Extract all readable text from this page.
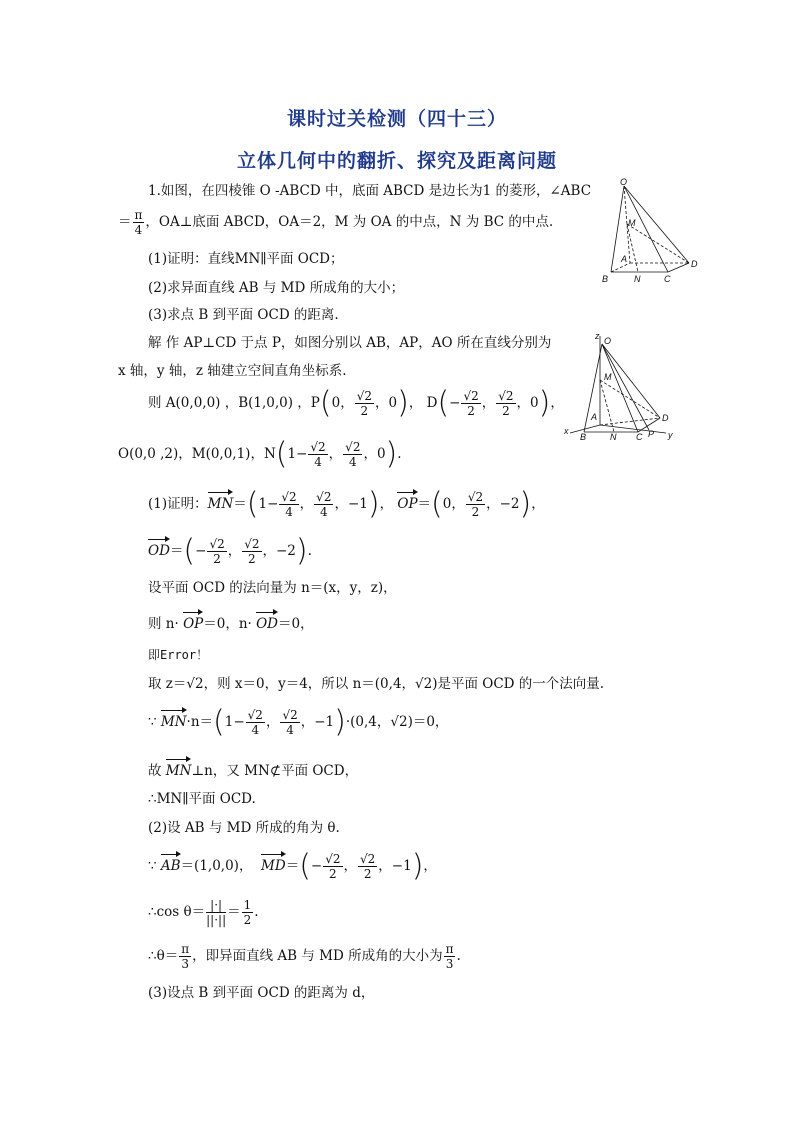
课时过关检测（四十三）
立体几何中的翻折、探究及距离问题
1.如图，在四棱锥 O -ABCD 中，底面 ABCD 是边长为1 的菱形，∠ABC
＝ $\frac{\pi}{4}$ ，OA⊥底面 ABCD，OA＝2，M 为 OA 的中点，N 为 BC 的中点.
(1)证明：直线MN∥平面 OCD；
(2)求异面直线 AB 与 MD 所成角的大小；
(3)求点 B 到平面 OCD 的距离.
O
M
A	D
B	N	C
解 作 AP⊥CD 于点 P，如图分别以 AB，AP，AO 所在直线分别为
x 轴，y 轴，z 轴建立空间直角坐标系.
则 A(0,0,0) ，B(1,0,0) ，P(0， $\frac{√2}{2}$ ，0)， $D(- \frac{√2}{2}$ ， $\frac{√2}{2}$ ，0)，
O(0,0 ,2)，M(0,0,1)，$N(1- \frac{√2}{4}$ ， $\frac{√2}{4}$ ，0).
z O
M
A	D
x
B	N C P y
(1)证明：$MN=(1- \frac{√2}{4}$ ， $\frac{√2}{4}$ ，−1)， OP＝(0， $\frac{√2}{2}$ ，−2)，
$OD=(- \frac{√2}{2}$ ， $\frac{√2}{2}$ ，−2).
设平面 OCD 的法向量为 n＝(x，y，z)，
则 n· OP＝0，n· OD＝0，
即Error！
取 z＝√2，则 x＝0，y＝4，所以 n＝(0,4，√2)是平面 OCD 的一个法向量.
∵ $MN\cdot n=(1- \frac{√2}{4}$ ， $\frac{√2}{4}$ ，−1)·(0,4，√2)＝0，
故 MN⊥n，又 MN⊄平面 OCD，
∴MN∥平面 OCD.
(2)设 AB 与 MD 所成的角为 θ.
∵ AB＝(1,0,0)， $MD=(- \frac{√2}{2}$ ， $\frac{√2}{2}$ ，−1)，
∴cos $\theta= \frac{|\cdot|}{||\cdot||} = \frac{1}{2}$ .
∴θ＝ $\frac{\pi}{3}$ ，即异面直线 AB 与 MD 所成角的大小为 $\frac{\pi}{3}$ .
(3)设点 B 到平面 OCD 的距离为 d，
